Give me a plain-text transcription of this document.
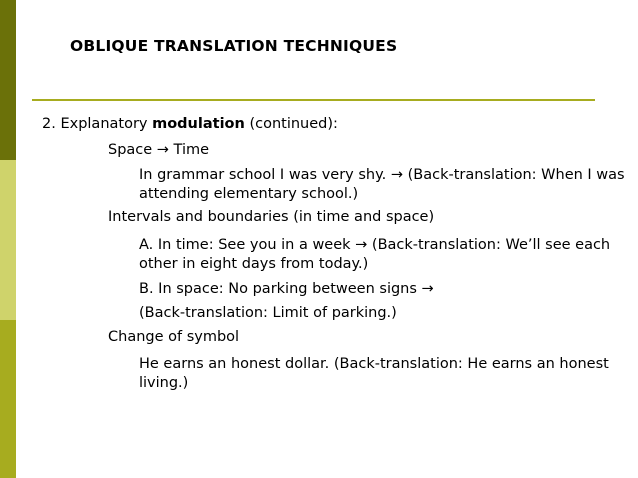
OBLIQUE TRANSLATION TECHNIQUES
2. Explanatory modulation (continued):
Space → Time
In grammar school I was very shy. → (Back-translation: When I was
attending elementary school.)
Intervals and boundaries (in time and space)
A. In time: See you in a week → (Back-translation: We’ll see each
other in eight days from today.)
B. In space: No parking between signs →
(Back-translation: Limit of parking.)
Change of symbol
He earns an honest dollar. (Back-translation: He earns an honest
living.)
